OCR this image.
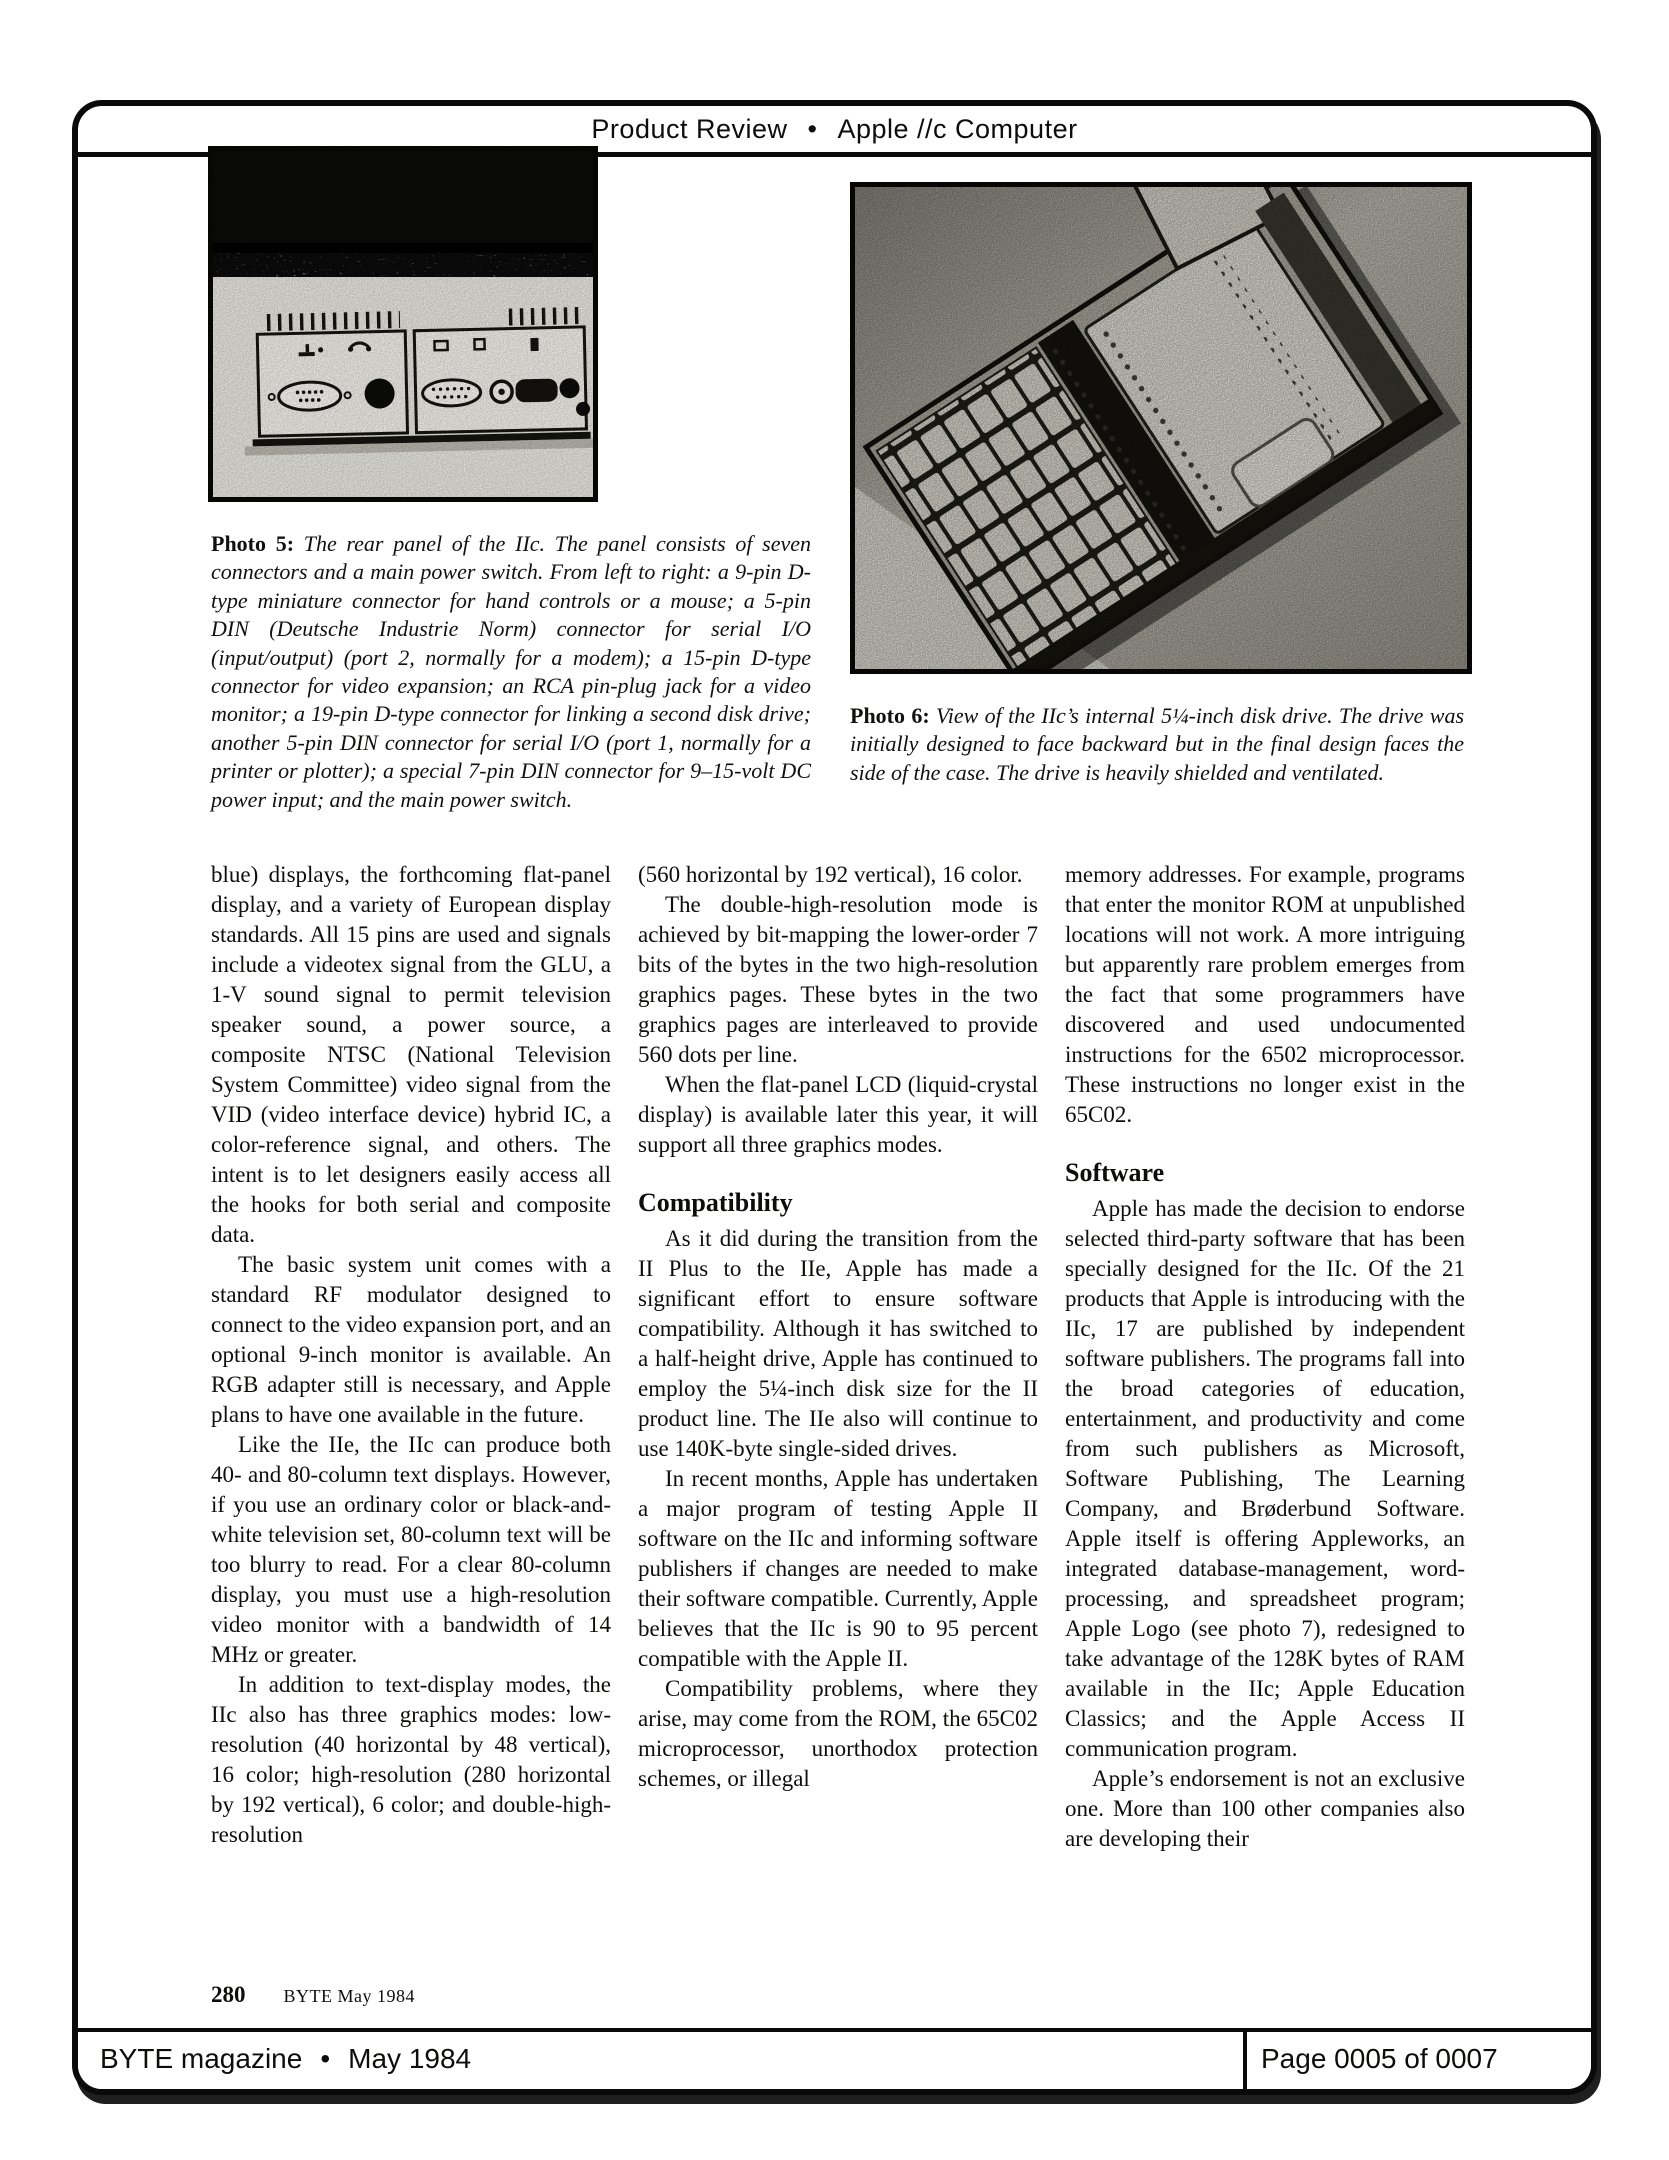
Product Review • Apple //c Computer

Photo 5: The rear panel of the IIc. The panel consists of seven connectors and a main power switch. From left to right: a 9-pin D-type miniature connector for hand controls or a mouse; a 5-pin DIN (Deutsche Industrie Norm) connector for serial I/O (input/output) (port 2, normally for a modem); a 15-pin D-type connector for video expansion; an RCA pin-plug jack for a video monitor; a 19-pin D-type connector for linking a second disk drive; another 5-pin DIN connector for serial I/O (port 1, normally for a printer or plotter); a special 7-pin DIN connector for 9–15-volt DC power input; and the main power switch.

Photo 6: View of the IIc’s internal 5¼-inch disk drive. The drive was initially designed to face backward but in the final design faces the side of the case. The drive is heavily shielded and ventilated.

blue) displays, the forthcoming flat-panel display, and a variety of European display standards. All 15 pins are used and signals include a videotex signal from the GLU, a 1-V sound signal to permit television speaker sound, a power source, a composite NTSC (National Television System Committee) video signal from the VID (video interface device) hybrid IC, a color-reference signal, and others. The intent is to let designers easily access all the hooks for both serial and composite data.

The basic system unit comes with a standard RF modulator designed to connect to the video expansion port, and an optional 9-inch monitor is available. An RGB adapter still is necessary, and Apple plans to have one available in the future.

Like the IIe, the IIc can produce both 40- and 80-column text displays. However, if you use an ordinary color or black-and-white television set, 80-column text will be too blurry to read. For a clear 80-column display, you must use a high-resolution video monitor with a bandwidth of 14 MHz or greater.

In addition to text-display modes, the IIc also has three graphics modes: low-resolution (40 horizontal by 48 vertical), 16 color; high-resolution (280 horizontal by 192 vertical), 6 color; and double-high-resolution

(560 horizontal by 192 vertical), 16 color.

The double-high-resolution mode is achieved by bit-mapping the lower-order 7 bits of the bytes in the two high-resolution graphics pages. These bytes in the two graphics pages are interleaved to provide 560 dots per line.

When the flat-panel LCD (liquid-crystal display) is available later this year, it will support all three graphics modes.

Compatibility

As it did during the transition from the II Plus to the IIe, Apple has made a significant effort to ensure software compatibility. Although it has switched to a half-height drive, Apple has continued to employ the 5¼-inch disk size for the II product line. The IIe also will continue to use 140K-byte single-sided drives.

In recent months, Apple has undertaken a major program of testing Apple II software on the IIc and informing software publishers if changes are needed to make their software compatible. Currently, Apple believes that the IIc is 90 to 95 percent compatible with the Apple II.

Compatibility problems, where they arise, may come from the ROM, the 65C02 microprocessor, unorthodox protection schemes, or illegal

memory addresses. For example, programs that enter the monitor ROM at unpublished locations will not work. A more intriguing but apparently rare problem emerges from the fact that some programmers have discovered and used undocumented instructions for the 6502 microprocessor. These instructions no longer exist in the 65C02.

Software

Apple has made the decision to endorse selected third-party software that has been specially designed for the IIc. Of the 21 products that Apple is introducing with the IIc, 17 are published by independent software publishers. The programs fall into the broad categories of education, entertainment, and productivity and come from such publishers as Microsoft, Software Publishing, The Learning Company, and Brøderbund Software. Apple itself is offering Appleworks, an integrated database-management, word-processing, and spreadsheet program; Apple Logo (see photo 7), redesigned to take advantage of the 128K bytes of RAM available in the IIc; Apple Education Classics; and the Apple Access II communication program.

Apple’s endorsement is not an exclusive one. More than 100 other companies also are developing their

280 BYTE May 1984
BYTE magazine • May 1984	Page 0005 of 0007
